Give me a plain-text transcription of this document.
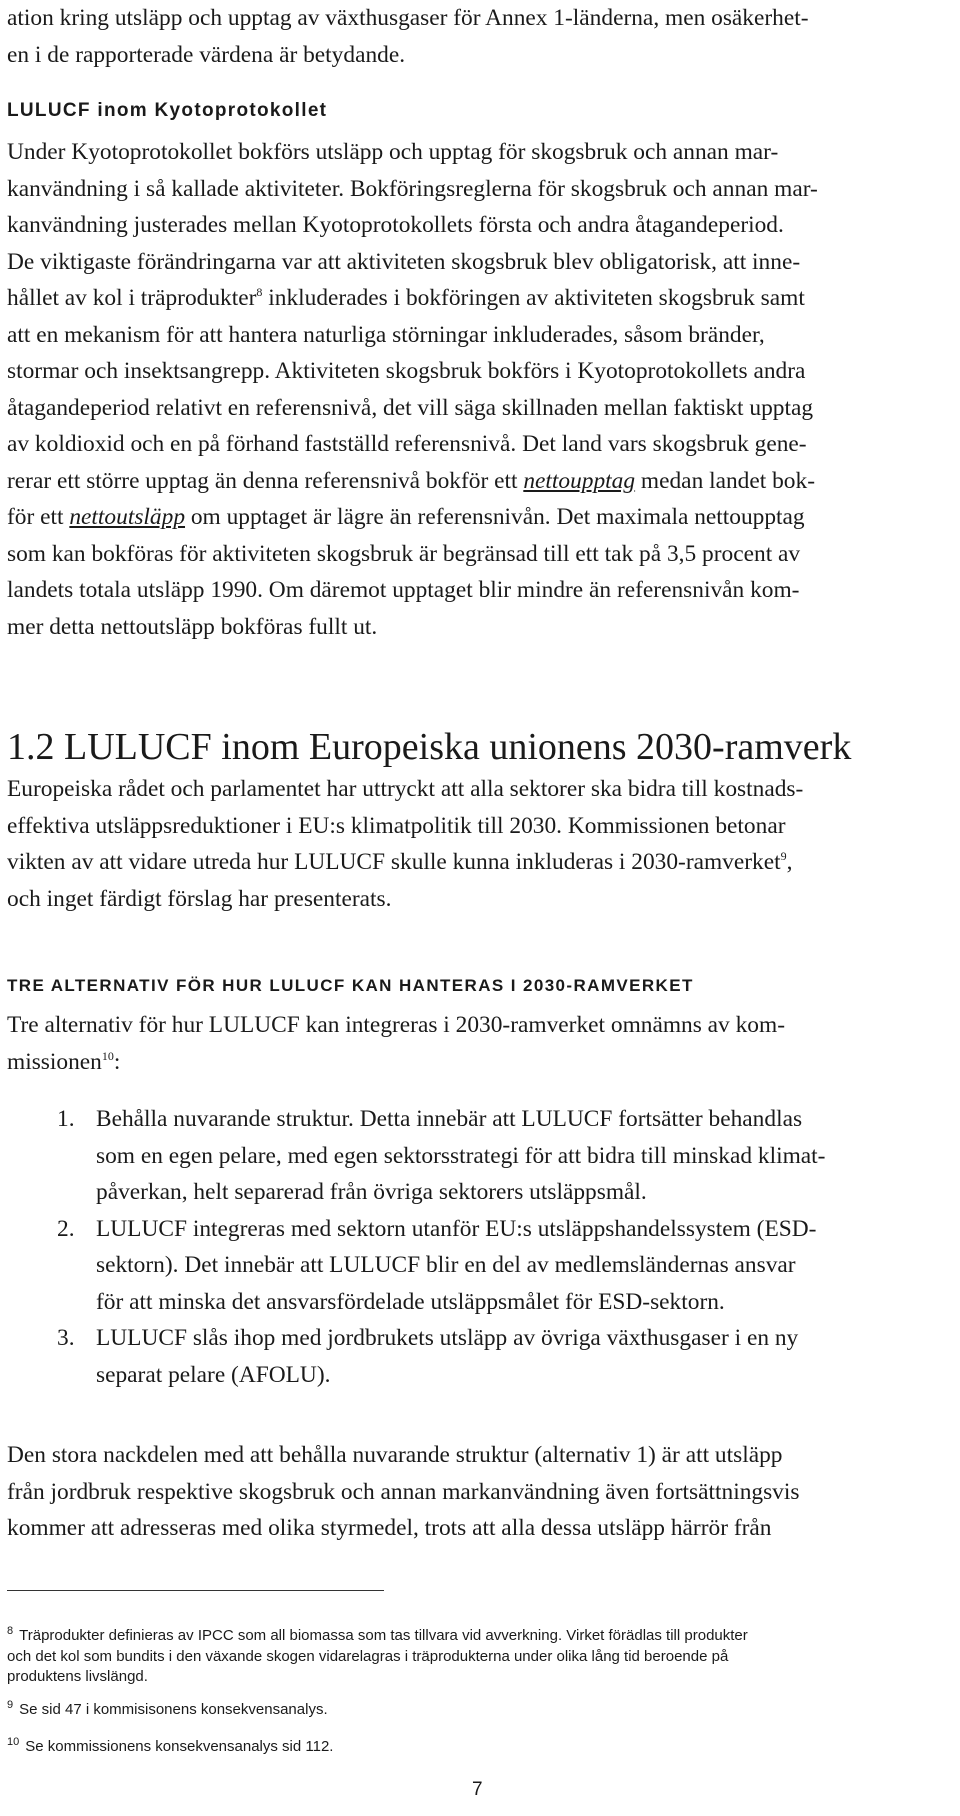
ation kring utsläpp och upptag av växthusgaser för Annex 1-länderna, men osäkerhet-
en i de rapporterade värdena är betydande.
LULUCF inom Kyotoprotokollet
Under Kyotoprotokollet bokförs utsläpp och upptag för skogsbruk och annan mar-
kanvändning i så kallade aktiviteter. Bokföringsreglerna för skogsbruk och annan mar-
kanvändning justerades mellan Kyotoprotokollets första och andra åtagandeperiod.
De viktigaste förändringarna var att aktiviteten skogsbruk blev obligatorisk, att inne-
hållet av kol i träprodukter$^8$ inkluderades i bokföringen av aktiviteten skogsbruk samt
att en mekanism för att hantera naturliga störningar inkluderades, såsom bränder,
stormar och insektsangrepp. Aktiviteten skogsbruk bokförs i Kyotoprotokollets andra
åtagandeperiod relativt en referensnivå, det vill säga skillnaden mellan faktiskt upptag
av koldioxid och en på förhand fastställd referensnivå. Det land vars skogsbruk gene-
rerar ett större upptag än denna referensnivå bokför ett nettoupptag medan landet bok-
för ett nettoutsläpp om upptaget är lägre än referensnivån. Det maximala nettoupptag
som kan bokföras för aktiviteten skogsbruk är begränsad till ett tak på 3,5 procent av
landets totala utsläpp 1990. Om däremot upptaget blir mindre än referensnivån kom-
mer detta nettoutsläpp bokföras fullt ut.
1.2 LULUCF inom Europeiska unionens 2030-ramverk
Europeiska rådet och parlamentet har uttryckt att alla sektorer ska bidra till kostnads-
effektiva utsläppsreduktioner i EU:s klimatpolitik till 2030. Kommissionen betonar
vikten av att vidare utreda hur LULUCF skulle kunna inkluderas i 2030-ramverket$^9$,
och inget färdigt förslag har presenterats.
TRE ALTERNATIV FÖR HUR LULUCF KAN HANTERAS I 2030-RAMVERKET
Tre alternativ för hur LULUCF kan integreras i 2030-ramverket omnämns av kom-
missionen$^{10}$:
1. Behålla nuvarande struktur. Detta innebär att LULUCF fortsätter behandlas
som en egen pelare, med egen sektorsstrategi för att bidra till minskad klimat-
påverkan, helt separerad från övriga sektorers utsläppsmål.
2. LULUCF integreras med sektorn utanför EU:s utsläppshandelssystem (ESD-
sektorn). Det innebär att LULUCF blir en del av medlemsländernas ansvar
för att minska det ansvarsfördelade utsläppsmålet för ESD-sektorn.
3. LULUCF slås ihop med jordbrukets utsläpp av övriga växthusgaser i en ny
separat pelare (AFOLU).
Den stora nackdelen med att behålla nuvarande struktur (alternativ 1) är att utsläpp
från jordbruk respektive skogsbruk och annan markanvändning även fortsättningsvis
kommer att adresseras med olika styrmedel, trots att alla dessa utsläpp härrör från
$^8$ Träprodukter definieras av IPCC som all biomassa som tas tillvara vid avverkning. Virket förädlas till produkter
och det kol som bundits i den växande skogen vidarelagras i träprodukterna under olika lång tid beroende på
produktens livslängd.
$^9$ Se sid 47 i kommisisonens konsekvensanalys.
$^{10}$ Se kommissionens konsekvensanalys sid 112.
7
